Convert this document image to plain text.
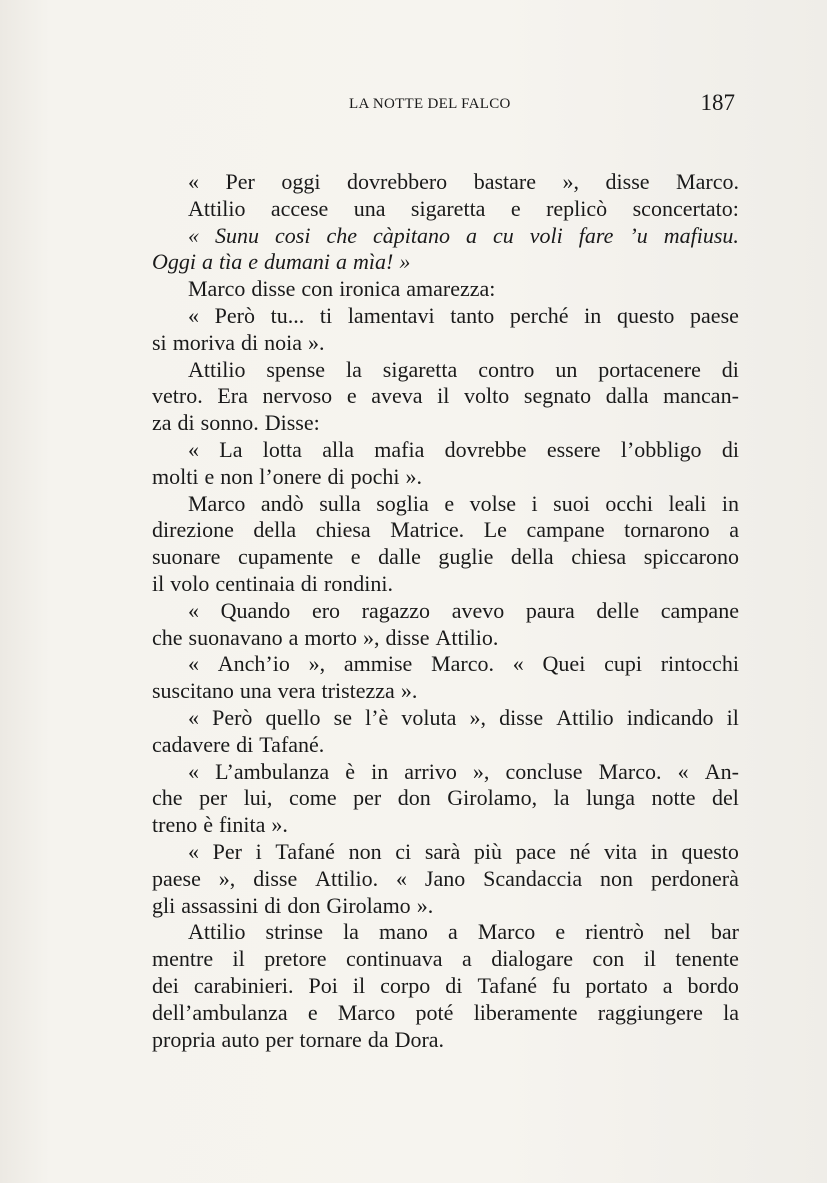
LA NOTTE DEL FALCO	187
« Per oggi dovrebbero bastare », disse Marco.
Attilio accese una sigaretta e replicò sconcertato:
« Sunu cosi che càpitano a cu voli fare ’u mafiusu.
Oggi a tìa e dumani a mìa! »
Marco disse con ironica amarezza:
« Però tu... ti lamentavi tanto perché in questo paese
si moriva di noia ».
Attilio spense la sigaretta contro un portacenere di
vetro. Era nervoso e aveva il volto segnato dalla mancan-
za di sonno. Disse:
« La lotta alla mafia dovrebbe essere l’obbligo di
molti e non l’onere di pochi ».
Marco andò sulla soglia e volse i suoi occhi leali in
direzione della chiesa Matrice. Le campane tornarono a
suonare cupamente e dalle guglie della chiesa spiccarono
il volo centinaia di rondini.
« Quando ero ragazzo avevo paura delle campane
che suonavano a morto », disse Attilio.
« Anch’io », ammise Marco. « Quei cupi rintocchi
suscitano una vera tristezza ».
« Però quello se l’è voluta », disse Attilio indicando il
cadavere di Tafané.
« L’ambulanza è in arrivo », concluse Marco. « An-
che per lui, come per don Girolamo, la lunga notte del
treno è finita ».
« Per i Tafané non ci sarà più pace né vita in questo
paese », disse Attilio. « Jano Scandaccia non perdonerà
gli assassini di don Girolamo ».
Attilio strinse la mano a Marco e rientrò nel bar
mentre il pretore continuava a dialogare con il tenente
dei carabinieri. Poi il corpo di Tafané fu portato a bordo
dell’ambulanza e Marco poté liberamente raggiungere la
propria auto per tornare da Dora.
